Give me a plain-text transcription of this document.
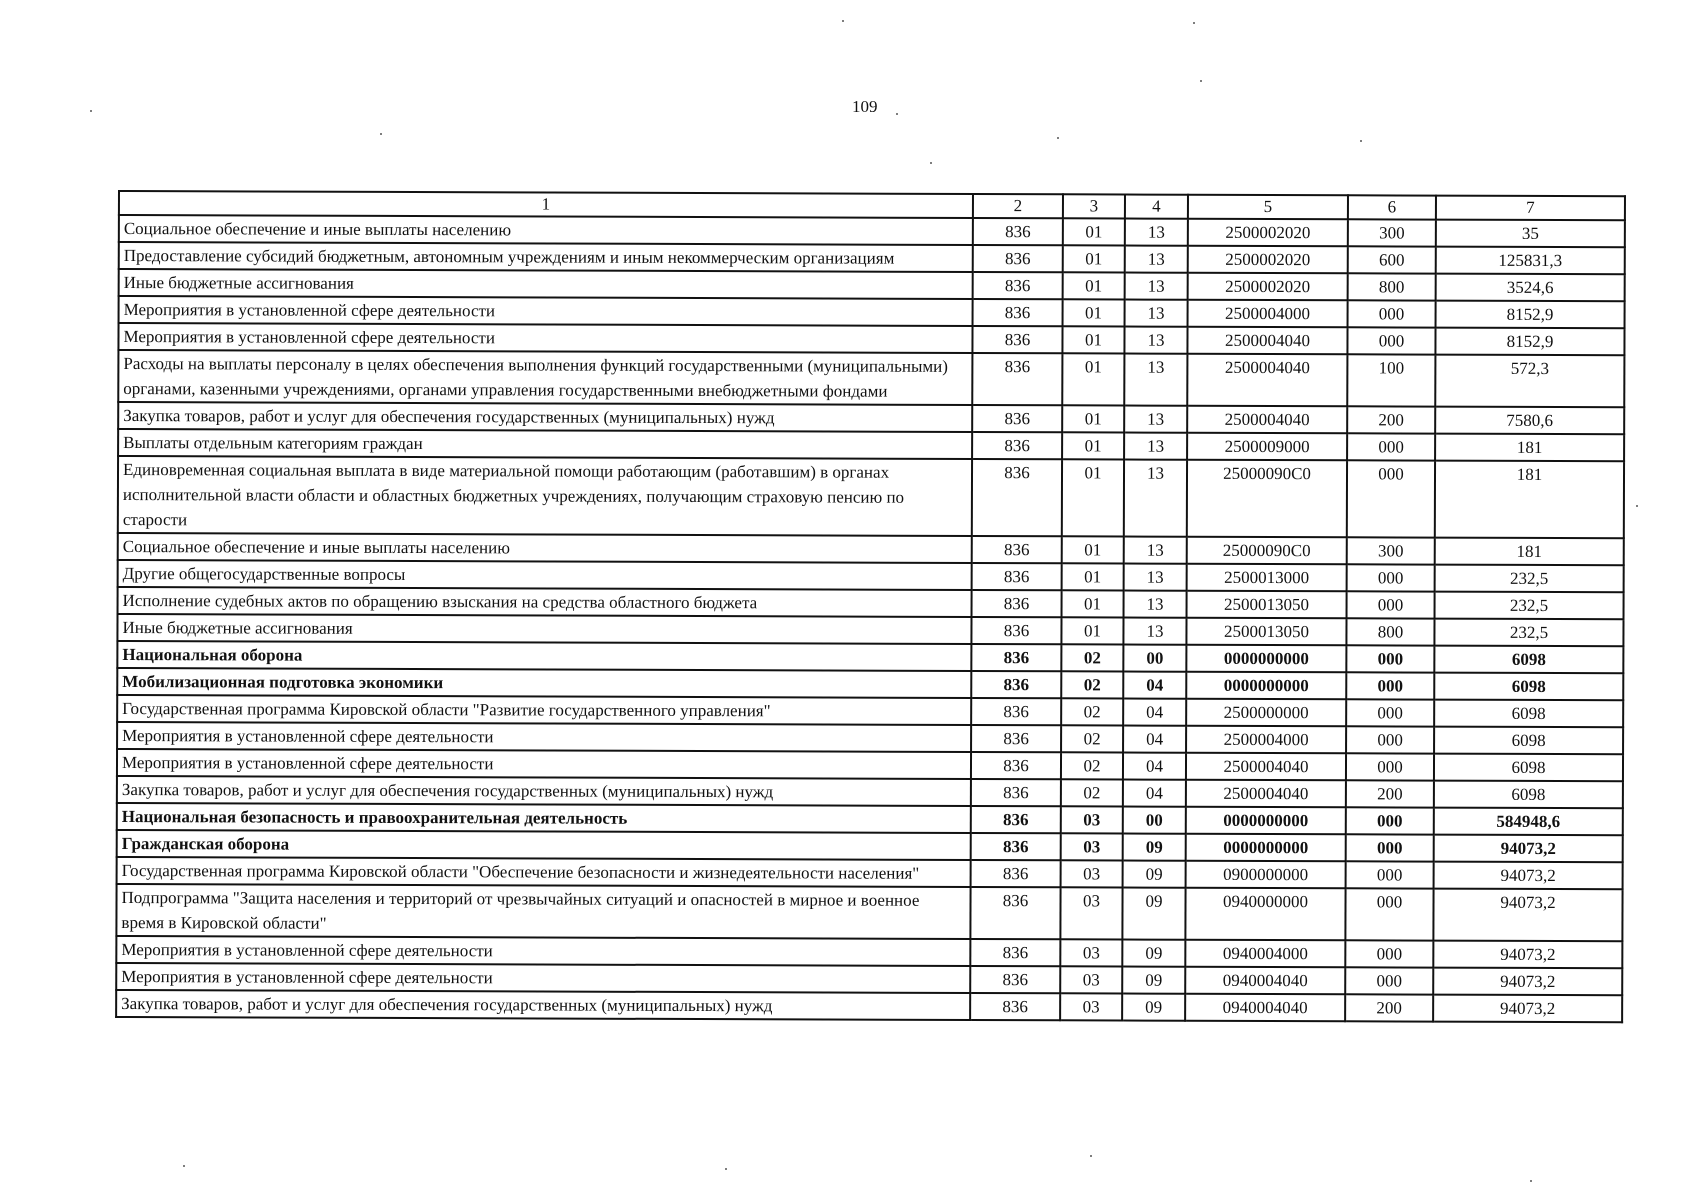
109
1	2	3	4	5	6	7
Социальное обеспечение и иные выплаты населению	836	01	13	2500002020	300	35
Предоставление субсидий бюджетным, автономным учреждениям и иным некоммерческим организациям	836	01	13	2500002020	600	125831,3
Иные бюджетные ассигнования	836	01	13	2500002020	800	3524,6
Мероприятия в установленной сфере деятельности	836	01	13	2500004000	000	8152,9
Мероприятия в установленной сфере деятельности	836	01	13	2500004040	000	8152,9
Расходы на выплаты персоналу в целях обеспечения выполнения функций государственными (муниципальными) органами, казенными учреждениями, органами управления государственными внебюджетными фондами	836	01	13	2500004040	100	572,3
Закупка товаров, работ и услуг для обеспечения государственных (муниципальных) нужд	836	01	13	2500004040	200	7580,6
Выплаты отдельным категориям граждан	836	01	13	2500009000	000	181
Единовременная социальная выплата в виде материальной помощи работающим (работавшим) в органах исполнительной власти области и областных бюджетных учреждениях, получающим страховую пенсию по старости	836	01	13	25000090С0	000	181
Социальное обеспечение и иные выплаты населению	836	01	13	25000090С0	300	181
Другие общегосударственные вопросы	836	01	13	2500013000	000	232,5
Исполнение судебных актов по обращению взыскания на средства областного бюджета	836	01	13	2500013050	000	232,5
Иные бюджетные ассигнования	836	01	13	2500013050	800	232,5
Национальная оборона	836	02	00	0000000000	000	6098
Мобилизационная подготовка экономики	836	02	04	0000000000	000	6098
Государственная программа Кировской области "Развитие государственного управления"	836	02	04	2500000000	000	6098
Мероприятия в установленной сфере деятельности	836	02	04	2500004000	000	6098
Мероприятия в установленной сфере деятельности	836	02	04	2500004040	000	6098
Закупка товаров, работ и услуг для обеспечения государственных (муниципальных) нужд	836	02	04	2500004040	200	6098
Национальная безопасность и правоохранительная деятельность	836	03	00	0000000000	000	584948,6
Гражданская оборона	836	03	09	0000000000	000	94073,2
Государственная программа Кировской области "Обеспечение безопасности и жизнедеятельности населения"	836	03	09	0900000000	000	94073,2
Подпрограмма "Защита населения и территорий от чрезвычайных ситуаций и опасностей в мирное и военное время в Кировской области"	836	03	09	0940000000	000	94073,2
Мероприятия в установленной сфере деятельности	836	03	09	0940004000	000	94073,2
Мероприятия в установленной сфере деятельности	836	03	09	0940004040	000	94073,2
Закупка товаров, работ и услуг для обеспечения государственных (муниципальных) нужд	836	03	09	0940004040	200	94073,2
